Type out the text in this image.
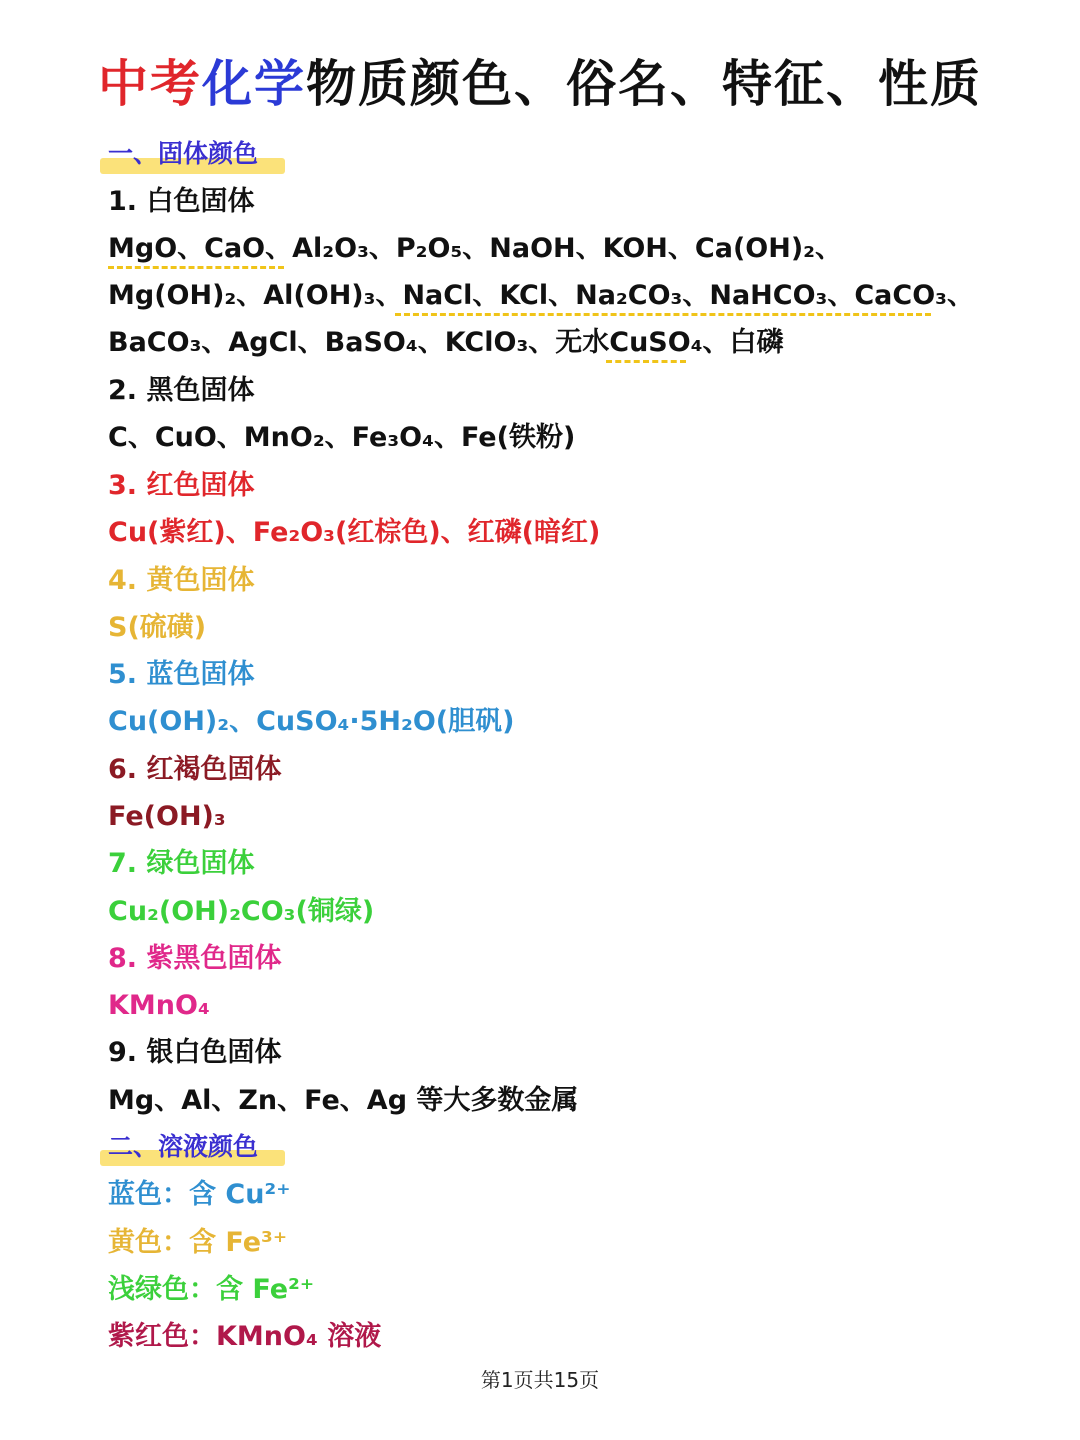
中考化学物质颜色、俗名、特征、性质
一、固体颜色
1. 白色固体
MgO、CaO、Al₂O₃、P₂O₅、NaOH、KOH、Ca(OH)₂、
Mg(OH)₂、Al(OH)₃、NaCl、KCl、Na₂CO₃、NaHCO₃、CaCO₃、
BaCO₃、AgCl、BaSO₄、KClO₃、无水CuSO₄、白磷
2. 黑色固体
C、CuO、MnO₂、Fe₃O₄、Fe(铁粉)
3. 红色固体
Cu(紫红)、Fe₂O₃(红棕色)、红磷(暗红)
4. 黄色固体
S(硫磺)
5. 蓝色固体
Cu(OH)₂、CuSO₄·5H₂O(胆矾)
6. 红褐色固体
Fe(OH)₃
7. 绿色固体
Cu₂(OH)₂CO₃(铜绿)
8. 紫黑色固体
KMnO₄
9. 银白色固体
Mg、Al、Zn、Fe、Ag 等大多数金属
二、溶液颜色
蓝色：含 Cu²⁺
黄色：含 Fe³⁺
浅绿色：含 Fe²⁺
紫红色：KMnO₄ 溶液
第1页共15页
